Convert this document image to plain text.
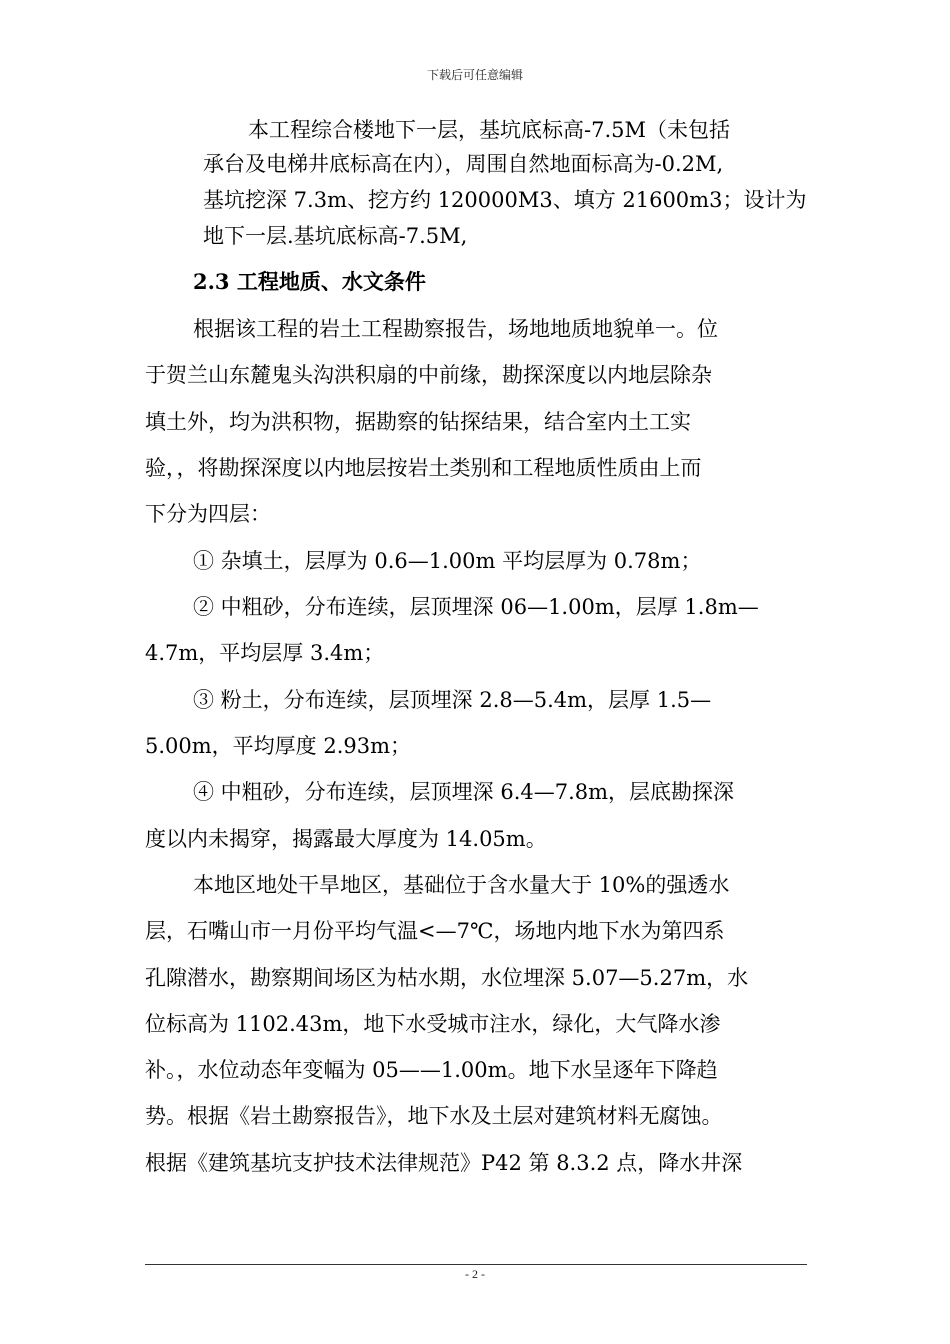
下载后可任意编辑
本工程综合楼地下一层，基坑底标高-7.5M（未包括
承台及电梯井底标高在内），周围自然地面标高为-0.2M,
基坑挖深 7.3m、挖方约 120000M3、填方 21600m3；设计为
地下一层.基坑底标高-7.5M,
2.3 工程地质、水文条件
根据该工程的岩土工程勘察报告，场地地质地貌单一。位
于贺兰山东麓鬼头沟洪积扇的中前缘，勘探深度以内地层除杂
填土外，均为洪积物，据勘察的钻探结果，结合室内土工实
验，，将勘探深度以内地层按岩土类别和工程地质性质由上而
下分为四层：
① 杂填土，层厚为 0.6—1.00m 平均层厚为 0.78m；
② 中粗砂，分布连续，层顶埋深 06—1.00m，层厚 1.8m—
4.7m，平均层厚 3.4m；
③ 粉土，分布连续，层顶埋深 2.8—5.4m，层厚 1.5—
5.00m，平均厚度 2.93m；
④ 中粗砂，分布连续，层顶埋深 6.4—7.8m，层底勘探深
度以内未揭穿，揭露最大厚度为 14.05m。
本地区地处干旱地区，基础位于含水量大于 10%的强透水
层，石嘴山市一月份平均气温<—7℃，场地内地下水为第四系
孔隙潜水，勘察期间场区为枯水期，水位埋深 5.07—5.27m，水
位标高为 1102.43m，地下水受城市注水，绿化，大气降水渗
补。，水位动态年变幅为 05——1.00m。地下水呈逐年下降趋
势。根据《岩土勘察报告》，地下水及土层对建筑材料无腐蚀。
根据《建筑基坑支护技术法律规范》P42 第 8.3.2 点，降水井深
- 2 -
